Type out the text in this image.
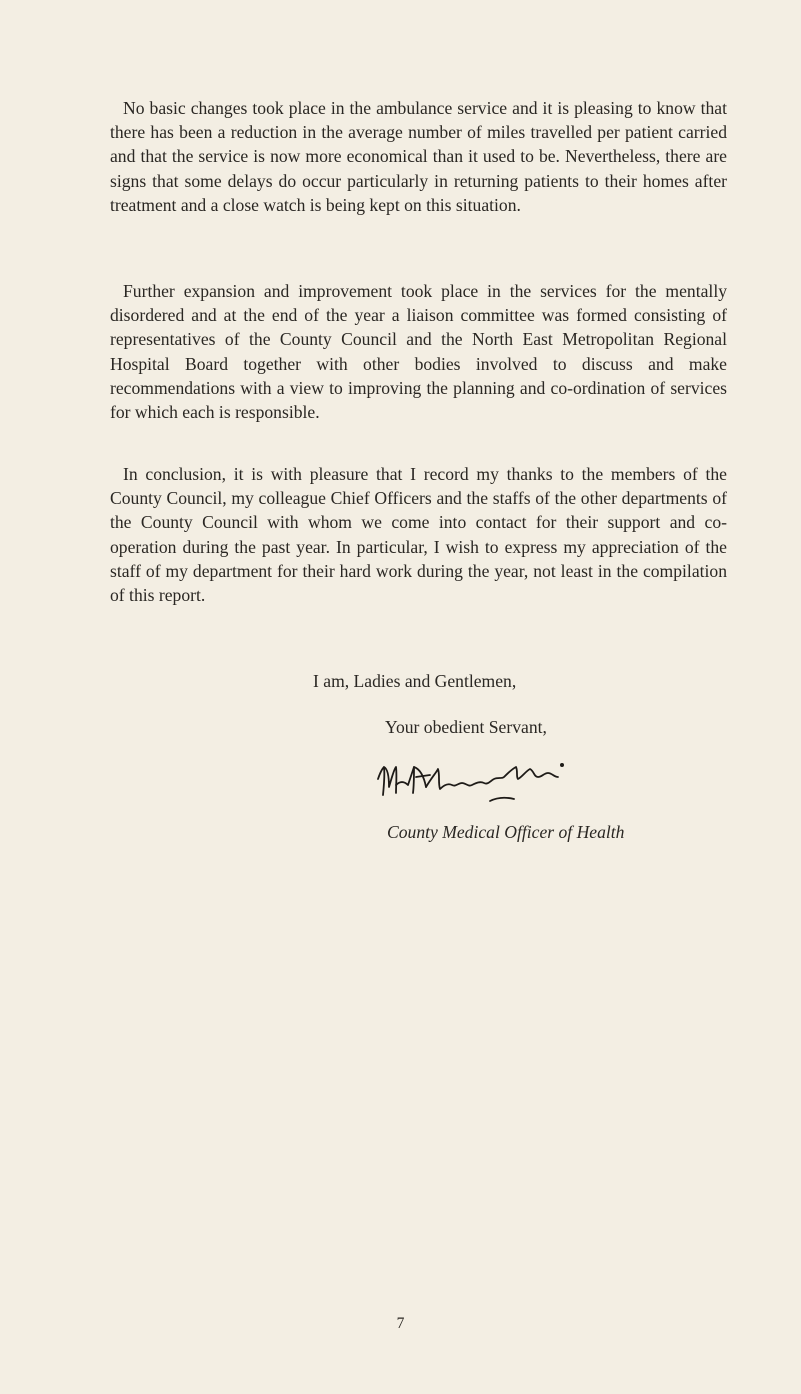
No basic changes took place in the ambulance service and it is pleasing to know that there has been a reduction in the average number of miles travelled per patient carried and that the service is now more economical than it used to be. Nevertheless, there are signs that some delays do occur particularly in returning patients to their homes after treatment and a close watch is being kept on this situation.

Further expansion and improvement took place in the services for the mentally disordered and at the end of the year a liaison committee was formed consisting of representatives of the County Council and the North East Metropolitan Regional Hospital Board together with other bodies involved to discuss and make recommendations with a view to improving the planning and co-ordination of services for which each is responsible.

In conclusion, it is with pleasure that I record my thanks to the members of the County Council, my colleague Chief Officers and the staffs of the other departments of the County Council with whom we come into contact for their support and co-operation during the past year. In particular, I wish to express my appreciation of the staff of my department for their hard work during the year, not least in the compilation of this report.

I am, Ladies and Gentlemen,

Your obedient Servant,

County Medical Officer of Health

7
